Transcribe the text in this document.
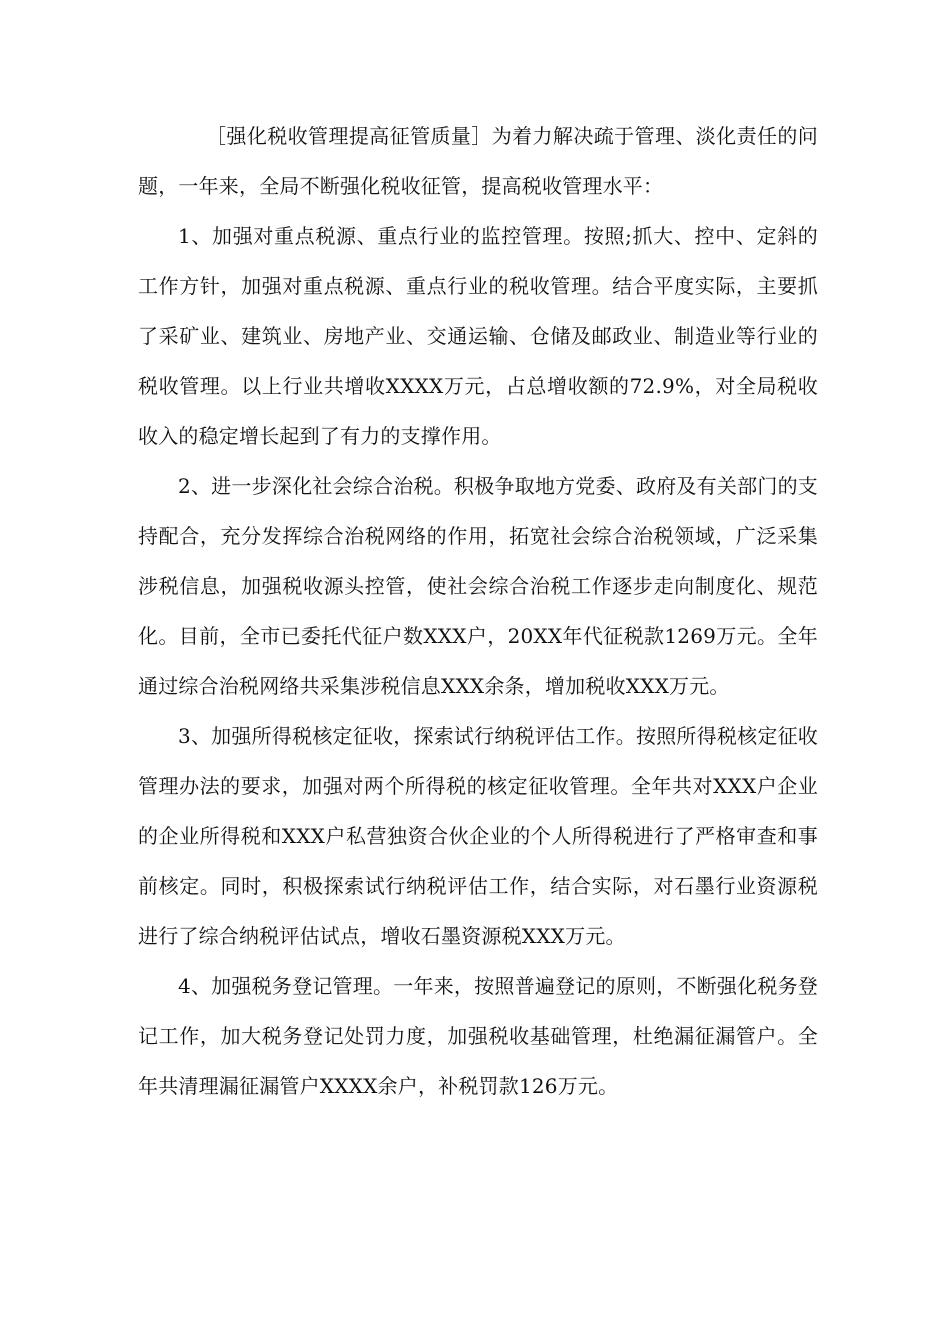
［强化税收管理提高征管质量］为着力解决疏于管理、淡化责任的问题，一年来，全局不断强化税收征管，提高税收管理水平：

1、加强对重点税源、重点行业的监控管理。按照;抓大、控中、定斜的工作方针，加强对重点税源、重点行业的税收管理。结合平度实际，主要抓了采矿业、建筑业、房地产业、交通运输、仓储及邮政业、制造业等行业的税收管理。以上行业共增收XXXX万元，占总增收额的72.9%，对全局税收收入的稳定增长起到了有力的支撑作用。

2、进一步深化社会综合治税。积极争取地方党委、政府及有关部门的支持配合，充分发挥综合治税网络的作用，拓宽社会综合治税领域，广泛采集涉税信息，加强税收源头控管，使社会综合治税工作逐步走向制度化、规范化。目前，全市已委托代征户数XXX户，20XX年代征税款1269万元。全年通过综合治税网络共采集涉税信息XXX余条，增加税收XXX万元。

3、加强所得税核定征收，探索试行纳税评估工作。按照所得税核定征收管理办法的要求，加强对两个所得税的核定征收管理。全年共对XXX户企业的企业所得税和XXX户私营独资合伙企业的个人所得税进行了严格审查和事前核定。同时，积极探索试行纳税评估工作，结合实际，对石墨行业资源税进行了综合纳税评估试点，增收石墨资源税XXX万元。

4、加强税务登记管理。一年来，按照普遍登记的原则，不断强化税务登记工作，加大税务登记处罚力度，加强税收基础管理，杜绝漏征漏管户。全年共清理漏征漏管户XXXX余户，补税罚款126万元。
